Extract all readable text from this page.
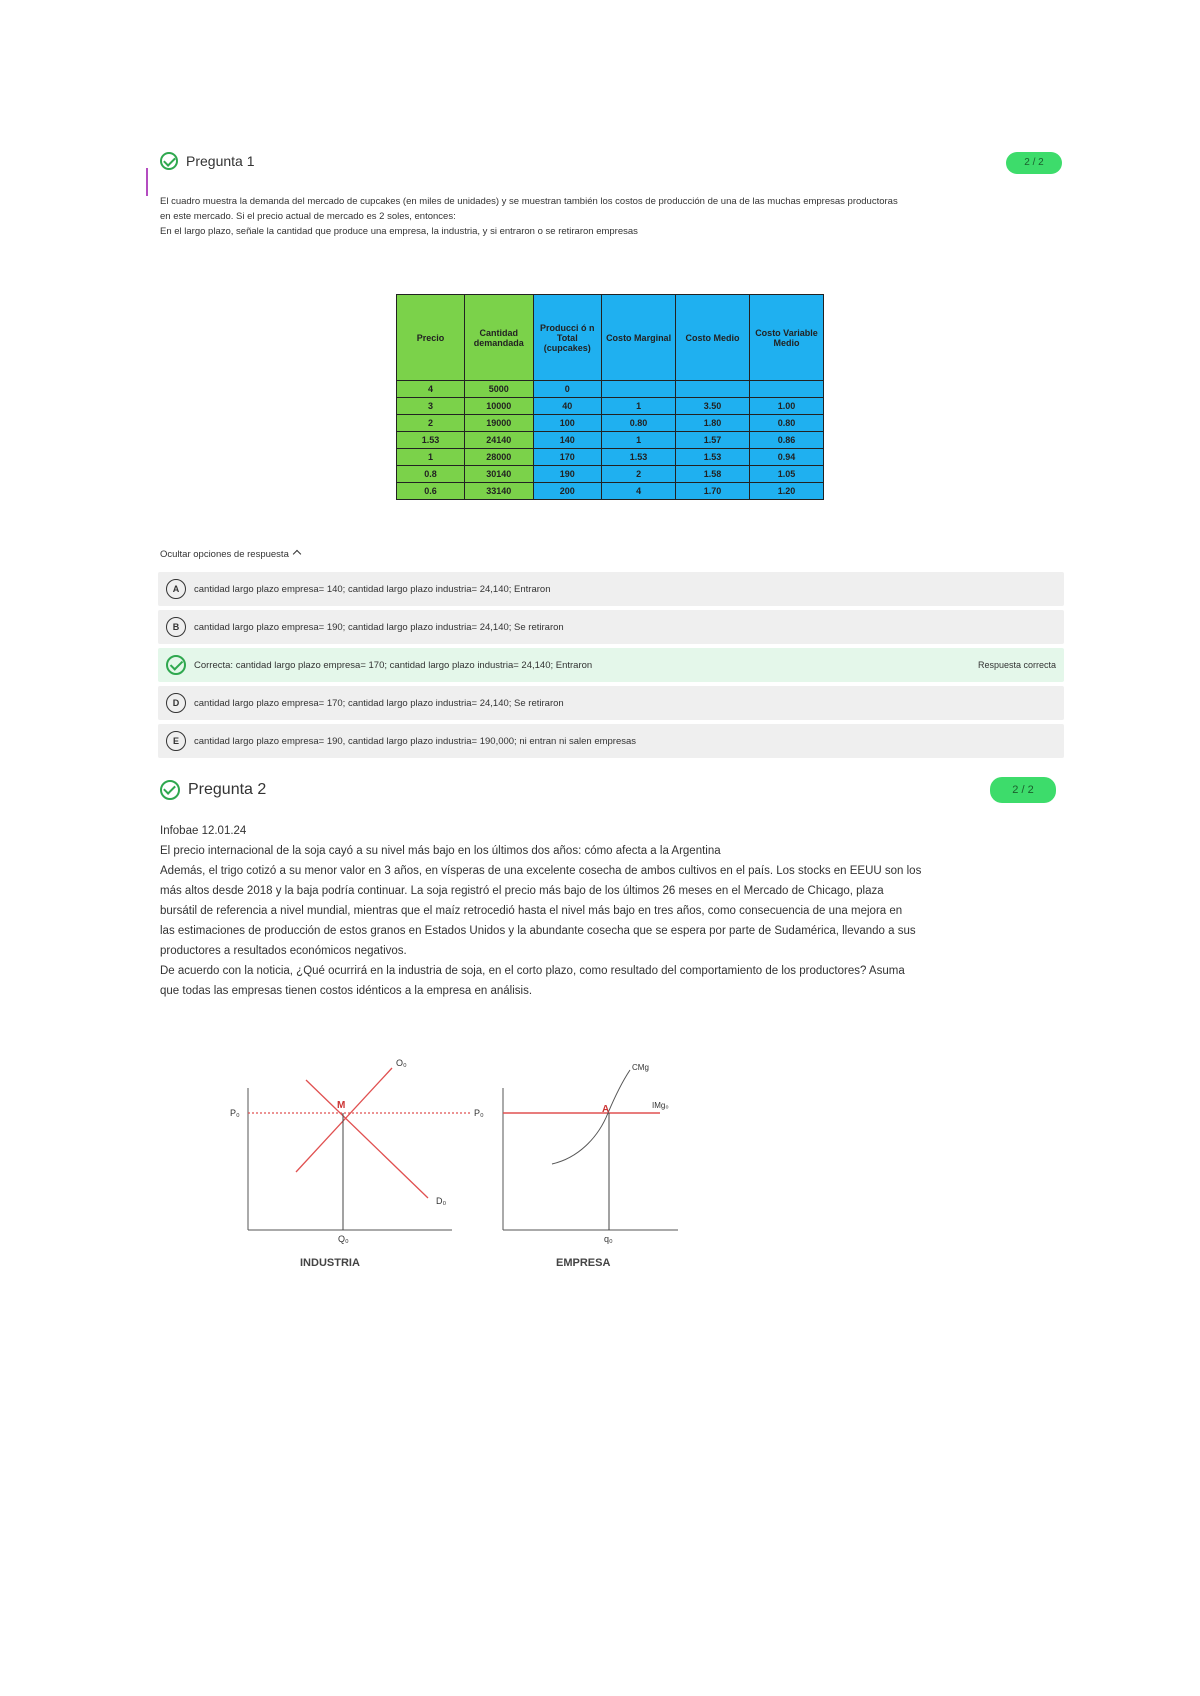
Pregunta 1	2 / 2
El cuadro muestra la demanda del mercado de cupcakes (en miles de unidades) y se muestran también los costos de producción de una de las muchas empresas productoras
en este mercado. Si el precio actual de mercado es 2 soles, entonces:
En el largo plazo, señale la cantidad que produce una empresa, la industria, y si entraron o se retiraron empresas
Precio	Cantidad demandada	Producci ó n Total (cupcakes)	Costo Marginal	Costo Medio	Costo Variable Medio
4	5000	0			
3	10000	40	1	3.50	1.00
2	19000	100	0.80	1.80	0.80
1.53	24140	140	1	1.57	0.86
1	28000	170	1.53	1.53	0.94
0.8	30140	190	2	1.58	1.05
0.6	33140	200	4	1.70	1.20
Ocultar opciones de respuesta
A	cantidad largo plazo empresa= 140; cantidad largo plazo industria= 24,140; Entraron
B	cantidad largo plazo empresa= 190; cantidad largo plazo industria= 24,140; Se retiraron
Correcta: cantidad largo plazo empresa= 170; cantidad largo plazo industria= 24,140; Entraron	Respuesta correcta
D	cantidad largo plazo empresa= 170; cantidad largo plazo industria= 24,140; Se retiraron
E	cantidad largo plazo empresa= 190, cantidad largo plazo industria= 190,000; ni entran ni salen empresas
Pregunta 2	2 / 2
Infobae 12.01.24
El precio internacional de la soja cayó a su nivel más bajo en los últimos dos años: cómo afecta a la Argentina
Además, el trigo cotizó a su menor valor en 3 años, en vísperas de una excelente cosecha de ambos cultivos en el país. Los stocks en EEUU son los
más altos desde 2018 y la baja podría continuar. La soja registró el precio más bajo de los últimos 26 meses en el Mercado de Chicago, plaza
bursátil de referencia a nivel mundial, mientras que el maíz retrocedió hasta el nivel más bajo en tres años, como consecuencia de una mejora en
las estimaciones de producción de estos granos en Estados Unidos y la abundante cosecha que se espera por parte de Sudamérica, llevando a sus
productores a resultados económicos negativos.
De acuerdo con la noticia, ¿Qué ocurrirá en la industria de soja, en el corto plazo, como resultado del comportamiento de los productores? Asuma
que todas las empresas tienen costos idénticos a la empresa en análisis.
P₀
M
O₀
D₀
Q₀
P₀
INDUSTRIA
A
CMg
IMg₀
q₀
EMPRESA
